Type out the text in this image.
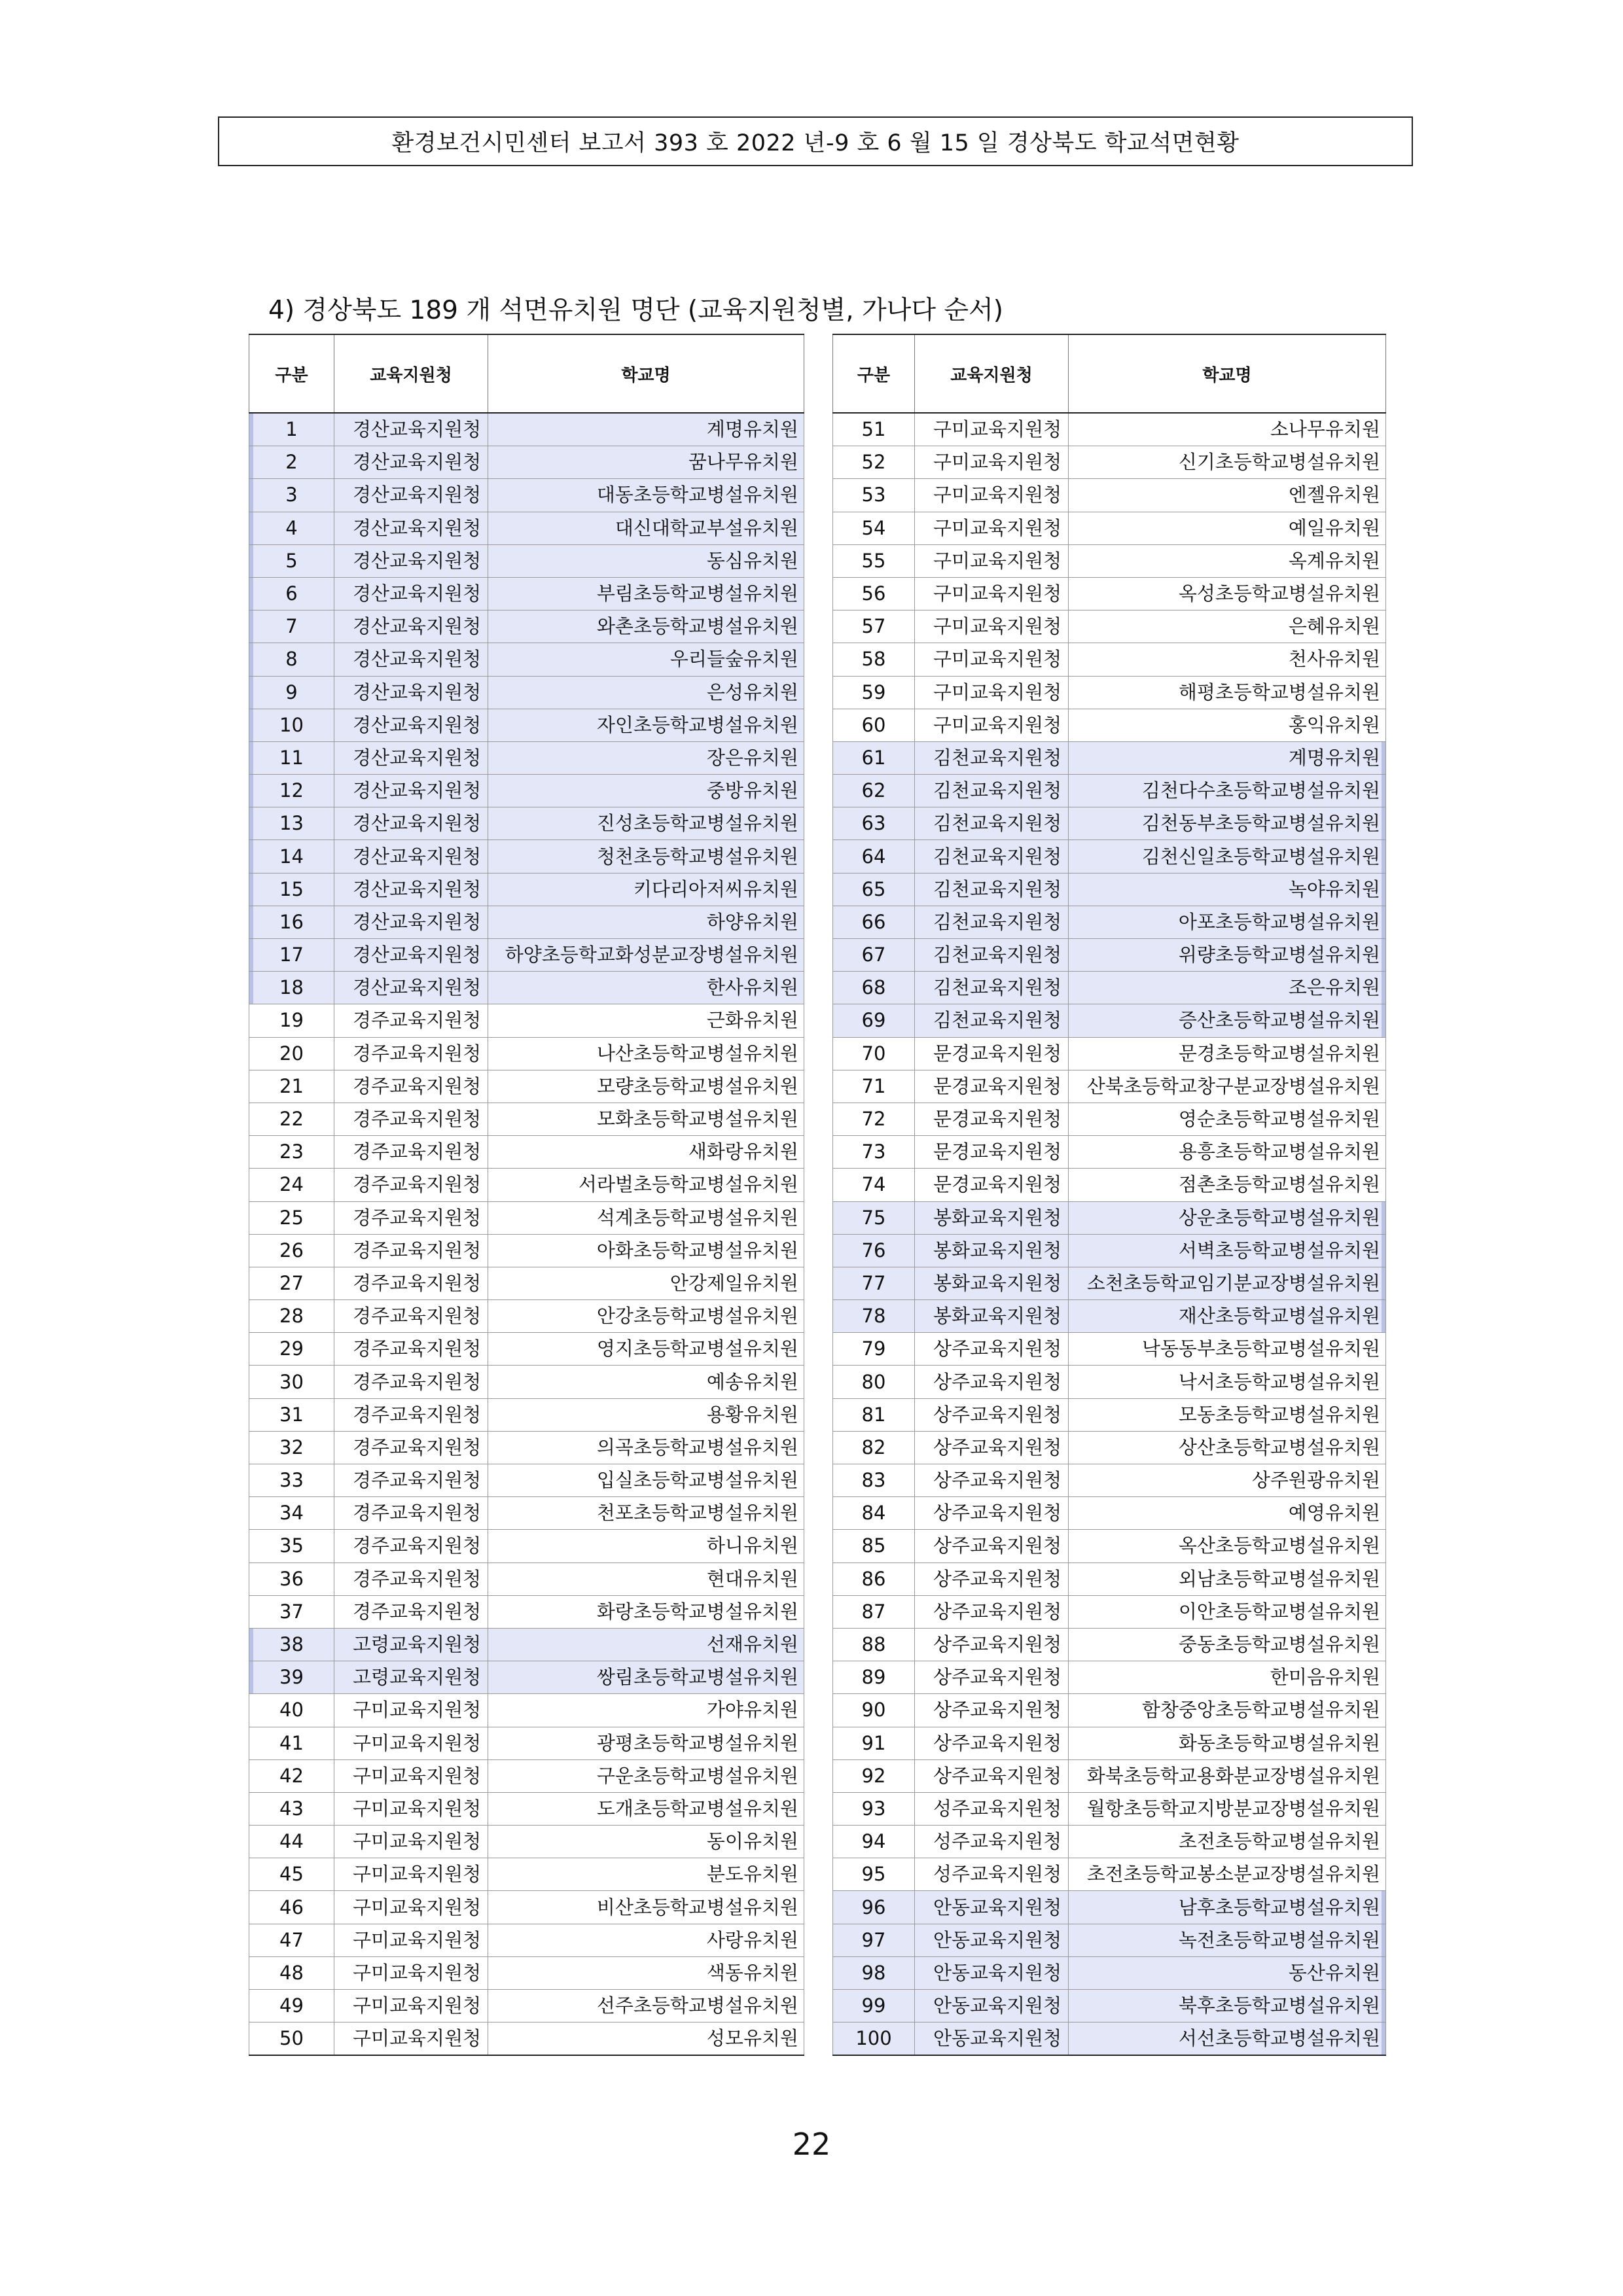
환경보건시민센터 보고서 393 호 2022 년-9 호 6 월 15 일 경상북도 학교석면현황
4) 경상북도 189 개 석면유치원 명단 (교육지원청별, 가나다 순서)
구분	교육지원청	학교명
1	경산교육지원청	계명유치원
2	경산교육지원청	꿈나무유치원
3	경산교육지원청	대동초등학교병설유치원
4	경산교육지원청	대신대학교부설유치원
5	경산교육지원청	동심유치원
6	경산교육지원청	부림초등학교병설유치원
7	경산교육지원청	와촌초등학교병설유치원
8	경산교육지원청	우리들숲유치원
9	경산교육지원청	은성유치원
10	경산교육지원청	자인초등학교병설유치원
11	경산교육지원청	장은유치원
12	경산교육지원청	중방유치원
13	경산교육지원청	진성초등학교병설유치원
14	경산교육지원청	청천초등학교병설유치원
15	경산교육지원청	키다리아저씨유치원
16	경산교육지원청	하양유치원
17	경산교육지원청	하양초등학교화성분교장병설유치원
18	경산교육지원청	한사유치원
19	경주교육지원청	근화유치원
20	경주교육지원청	나산초등학교병설유치원
21	경주교육지원청	모량초등학교병설유치원
22	경주교육지원청	모화초등학교병설유치원
23	경주교육지원청	새화랑유치원
24	경주교육지원청	서라벌초등학교병설유치원
25	경주교육지원청	석계초등학교병설유치원
26	경주교육지원청	아화초등학교병설유치원
27	경주교육지원청	안강제일유치원
28	경주교육지원청	안강초등학교병설유치원
29	경주교육지원청	영지초등학교병설유치원
30	경주교육지원청	예송유치원
31	경주교육지원청	용황유치원
32	경주교육지원청	의곡초등학교병설유치원
33	경주교육지원청	입실초등학교병설유치원
34	경주교육지원청	천포초등학교병설유치원
35	경주교육지원청	하니유치원
36	경주교육지원청	현대유치원
37	경주교육지원청	화랑초등학교병설유치원
38	고령교육지원청	선재유치원
39	고령교육지원청	쌍림초등학교병설유치원
40	구미교육지원청	가야유치원
41	구미교육지원청	광평초등학교병설유치원
42	구미교육지원청	구운초등학교병설유치원
43	구미교육지원청	도개초등학교병설유치원
44	구미교육지원청	동이유치원
45	구미교육지원청	분도유치원
46	구미교육지원청	비산초등학교병설유치원
47	구미교육지원청	사랑유치원
48	구미교육지원청	색동유치원
49	구미교육지원청	선주초등학교병설유치원
50	구미교육지원청	성모유치원
구분	교육지원청	학교명
51	구미교육지원청	소나무유치원
52	구미교육지원청	신기초등학교병설유치원
53	구미교육지원청	엔젤유치원
54	구미교육지원청	예일유치원
55	구미교육지원청	옥계유치원
56	구미교육지원청	옥성초등학교병설유치원
57	구미교육지원청	은혜유치원
58	구미교육지원청	천사유치원
59	구미교육지원청	해평초등학교병설유치원
60	구미교육지원청	홍익유치원
61	김천교육지원청	계명유치원
62	김천교육지원청	김천다수초등학교병설유치원
63	김천교육지원청	김천동부초등학교병설유치원
64	김천교육지원청	김천신일초등학교병설유치원
65	김천교육지원청	녹야유치원
66	김천교육지원청	아포초등학교병설유치원
67	김천교육지원청	위량초등학교병설유치원
68	김천교육지원청	조은유치원
69	김천교육지원청	증산초등학교병설유치원
70	문경교육지원청	문경초등학교병설유치원
71	문경교육지원청	산북초등학교창구분교장병설유치원
72	문경교육지원청	영순초등학교병설유치원
73	문경교육지원청	용흥초등학교병설유치원
74	문경교육지원청	점촌초등학교병설유치원
75	봉화교육지원청	상운초등학교병설유치원
76	봉화교육지원청	서벽초등학교병설유치원
77	봉화교육지원청	소천초등학교임기분교장병설유치원
78	봉화교육지원청	재산초등학교병설유치원
79	상주교육지원청	낙동동부초등학교병설유치원
80	상주교육지원청	낙서초등학교병설유치원
81	상주교육지원청	모동초등학교병설유치원
82	상주교육지원청	상산초등학교병설유치원
83	상주교육지원청	상주원광유치원
84	상주교육지원청	예영유치원
85	상주교육지원청	옥산초등학교병설유치원
86	상주교육지원청	외남초등학교병설유치원
87	상주교육지원청	이안초등학교병설유치원
88	상주교육지원청	중동초등학교병설유치원
89	상주교육지원청	한미음유치원
90	상주교육지원청	함창중앙초등학교병설유치원
91	상주교육지원청	화동초등학교병설유치원
92	상주교육지원청	화북초등학교용화분교장병설유치원
93	성주교육지원청	월항초등학교지방분교장병설유치원
94	성주교육지원청	초전초등학교병설유치원
95	성주교육지원청	초전초등학교봉소분교장병설유치원
96	안동교육지원청	남후초등학교병설유치원
97	안동교육지원청	녹전초등학교병설유치원
98	안동교육지원청	동산유치원
99	안동교육지원청	북후초등학교병설유치원
100	안동교육지원청	서선초등학교병설유치원
22
